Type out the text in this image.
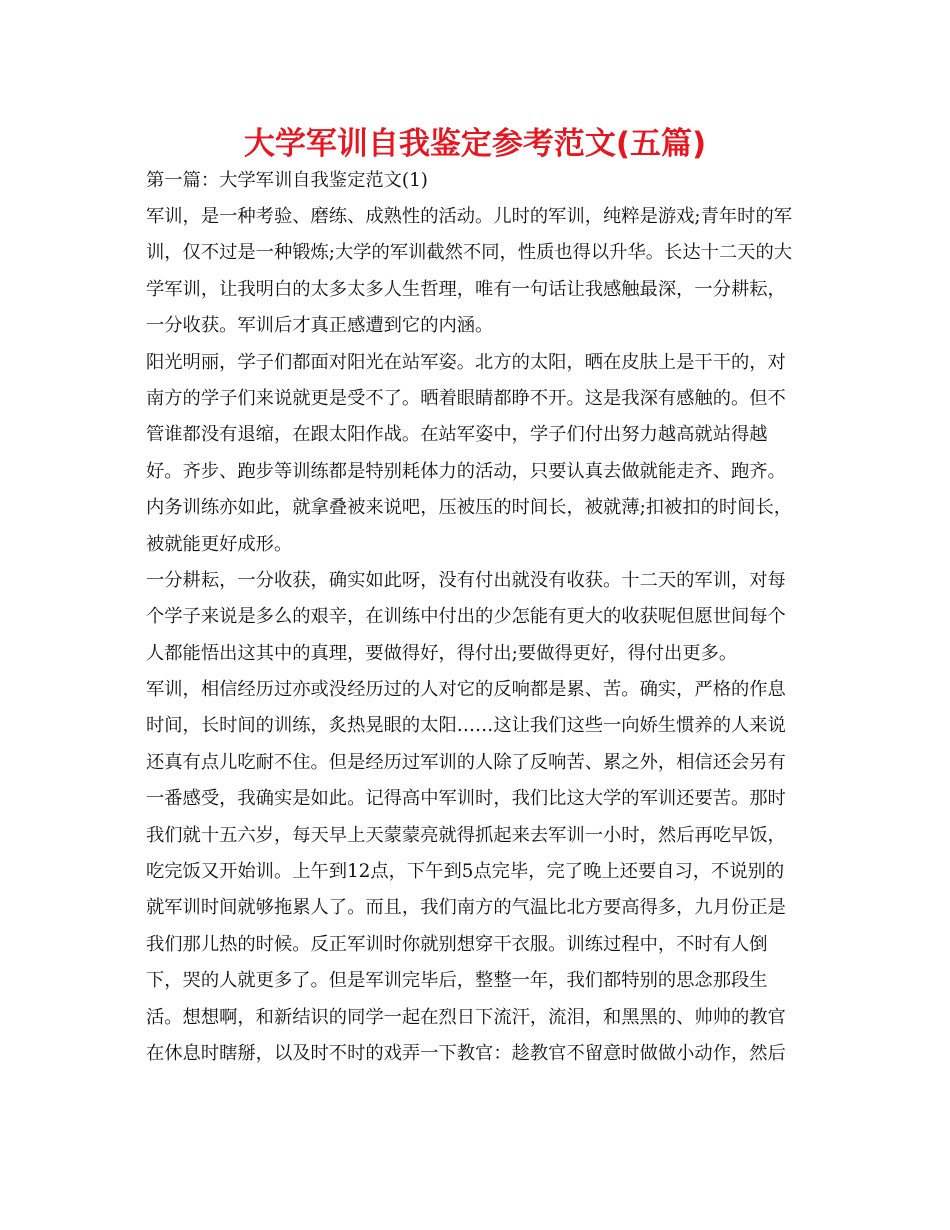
大学军训自我鉴定参考范文(五篇)

第一篇：大学军训自我鉴定范文(1)

军训，是一种考验、磨练、成熟性的活动。儿时的军训，纯粹是游戏;青年时的军
训，仅不过是一种锻炼;大学的军训截然不同，性质也得以升华。长达十二天的大
学军训，让我明白的太多太多人生哲理，唯有一句话让我感触最深，一分耕耘，
一分收获。军训后才真正感遭到它的内涵。
阳光明丽，学子们都面对阳光在站军姿。北方的太阳，晒在皮肤上是干干的，对
南方的学子们来说就更是受不了。晒着眼睛都睁不开。这是我深有感触的。但不
管谁都没有退缩，在跟太阳作战。在站军姿中，学子们付出努力越高就站得越
好。齐步、跑步等训练都是特别耗体力的活动，只要认真去做就能走齐、跑齐。
内务训练亦如此，就拿叠被来说吧，压被压的时间长，被就薄;扣被扣的时间长，
被就能更好成形。
一分耕耘，一分收获，确实如此呀，没有付出就没有收获。十二天的军训，对每
个学子来说是多么的艰辛，在训练中付出的少怎能有更大的收获呢但愿世间每个
人都能悟出这其中的真理，要做得好，得付出;要做得更好，得付出更多。
军训，相信经历过亦或没经历过的人对它的反响都是累、苦。确实，严格的作息
时间，长时间的训练，炙热晃眼的太阳……这让我们这些一向娇生惯养的人来说
还真有点儿吃耐不住。但是经历过军训的人除了反响苦、累之外，相信还会另有
一番感受，我确实是如此。记得高中军训时，我们比这大学的军训还要苦。那时
我们就十五六岁，每天早上天蒙蒙亮就得抓起来去军训一小时，然后再吃早饭，
吃完饭又开始训。上午到12点，下午到5点完毕，完了晚上还要自习，不说别的
就军训时间就够拖累人了。而且，我们南方的气温比北方要高得多，九月份正是
我们那儿热的时候。反正军训时你就别想穿干衣服。训练过程中，不时有人倒
下，哭的人就更多了。但是军训完毕后，整整一年，我们都特别的思念那段生
活。想想啊，和新结识的同学一起在烈日下流汗，流泪，和黑黑的、帅帅的教官
在休息时瞎掰，以及时不时的戏弄一下教官：趁教官不留意时做做小动作，然后
